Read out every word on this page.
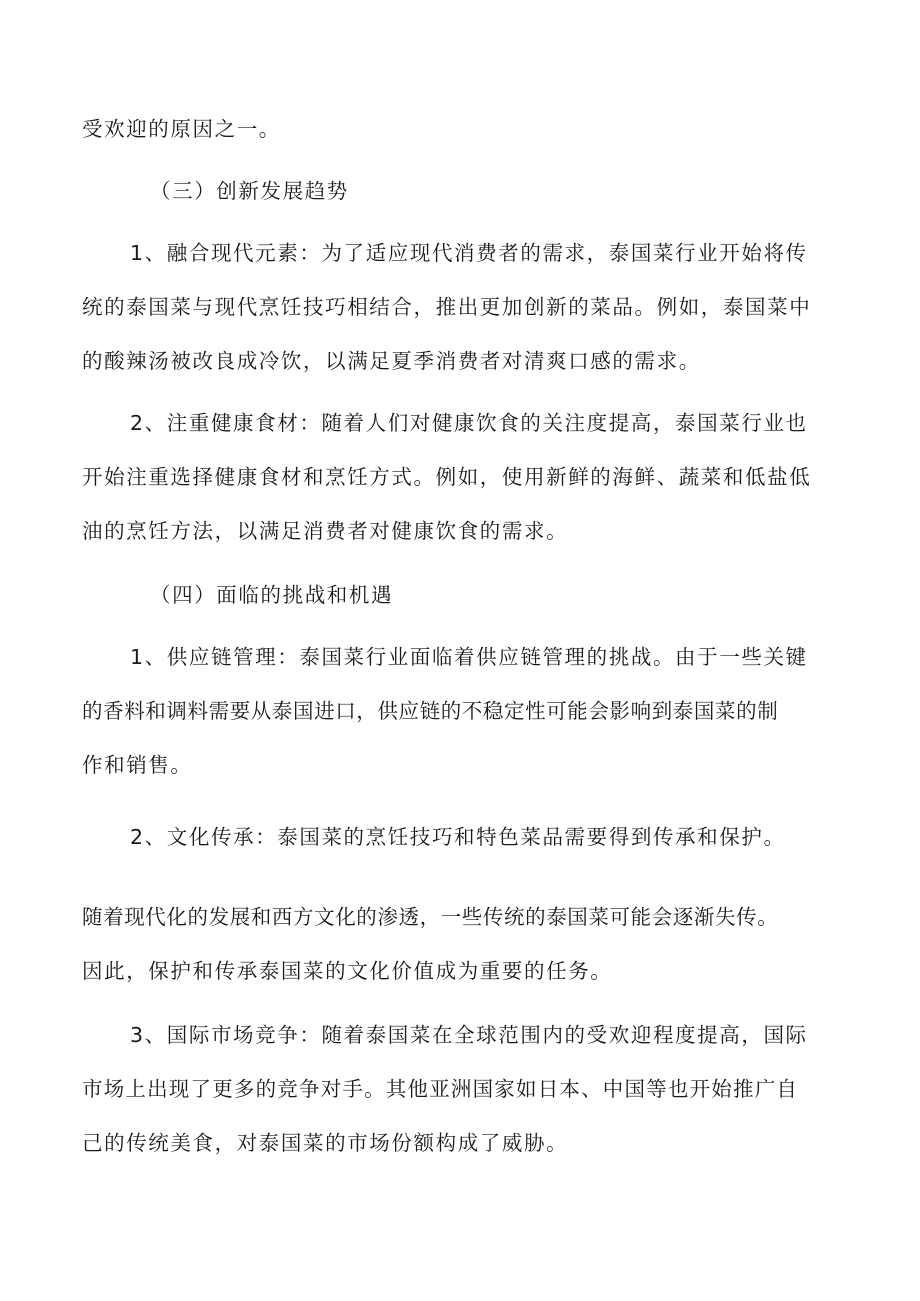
受欢迎的原因之一。
（三）创新发展趋势
1、融合现代元素：为了适应现代消费者的需求，泰国菜行业开始将传
统的泰国菜与现代烹饪技巧相结合，推出更加创新的菜品。例如，泰国菜中
的酸辣汤被改良成冷饮，以满足夏季消费者对清爽口感的需求。
2、注重健康食材：随着人们对健康饮食的关注度提高，泰国菜行业也
开始注重选择健康食材和烹饪方式。例如，使用新鲜的海鲜、蔬菜和低盐低
油的烹饪方法，以满足消费者对健康饮食的需求。
（四）面临的挑战和机遇
1、供应链管理：泰国菜行业面临着供应链管理的挑战。由于一些关键
的香料和调料需要从泰国进口，供应链的不稳定性可能会影响到泰国菜的制
作和销售。
2、文化传承：泰国菜的烹饪技巧和特色菜品需要得到传承和保护。
随着现代化的发展和西方文化的渗透，一些传统的泰国菜可能会逐渐失传。
因此，保护和传承泰国菜的文化价值成为重要的任务。
3、国际市场竞争：随着泰国菜在全球范围内的受欢迎程度提高，国际
市场上出现了更多的竞争对手。其他亚洲国家如日本、中国等也开始推广自
己的传统美食，对泰国菜的市场份额构成了威胁。
